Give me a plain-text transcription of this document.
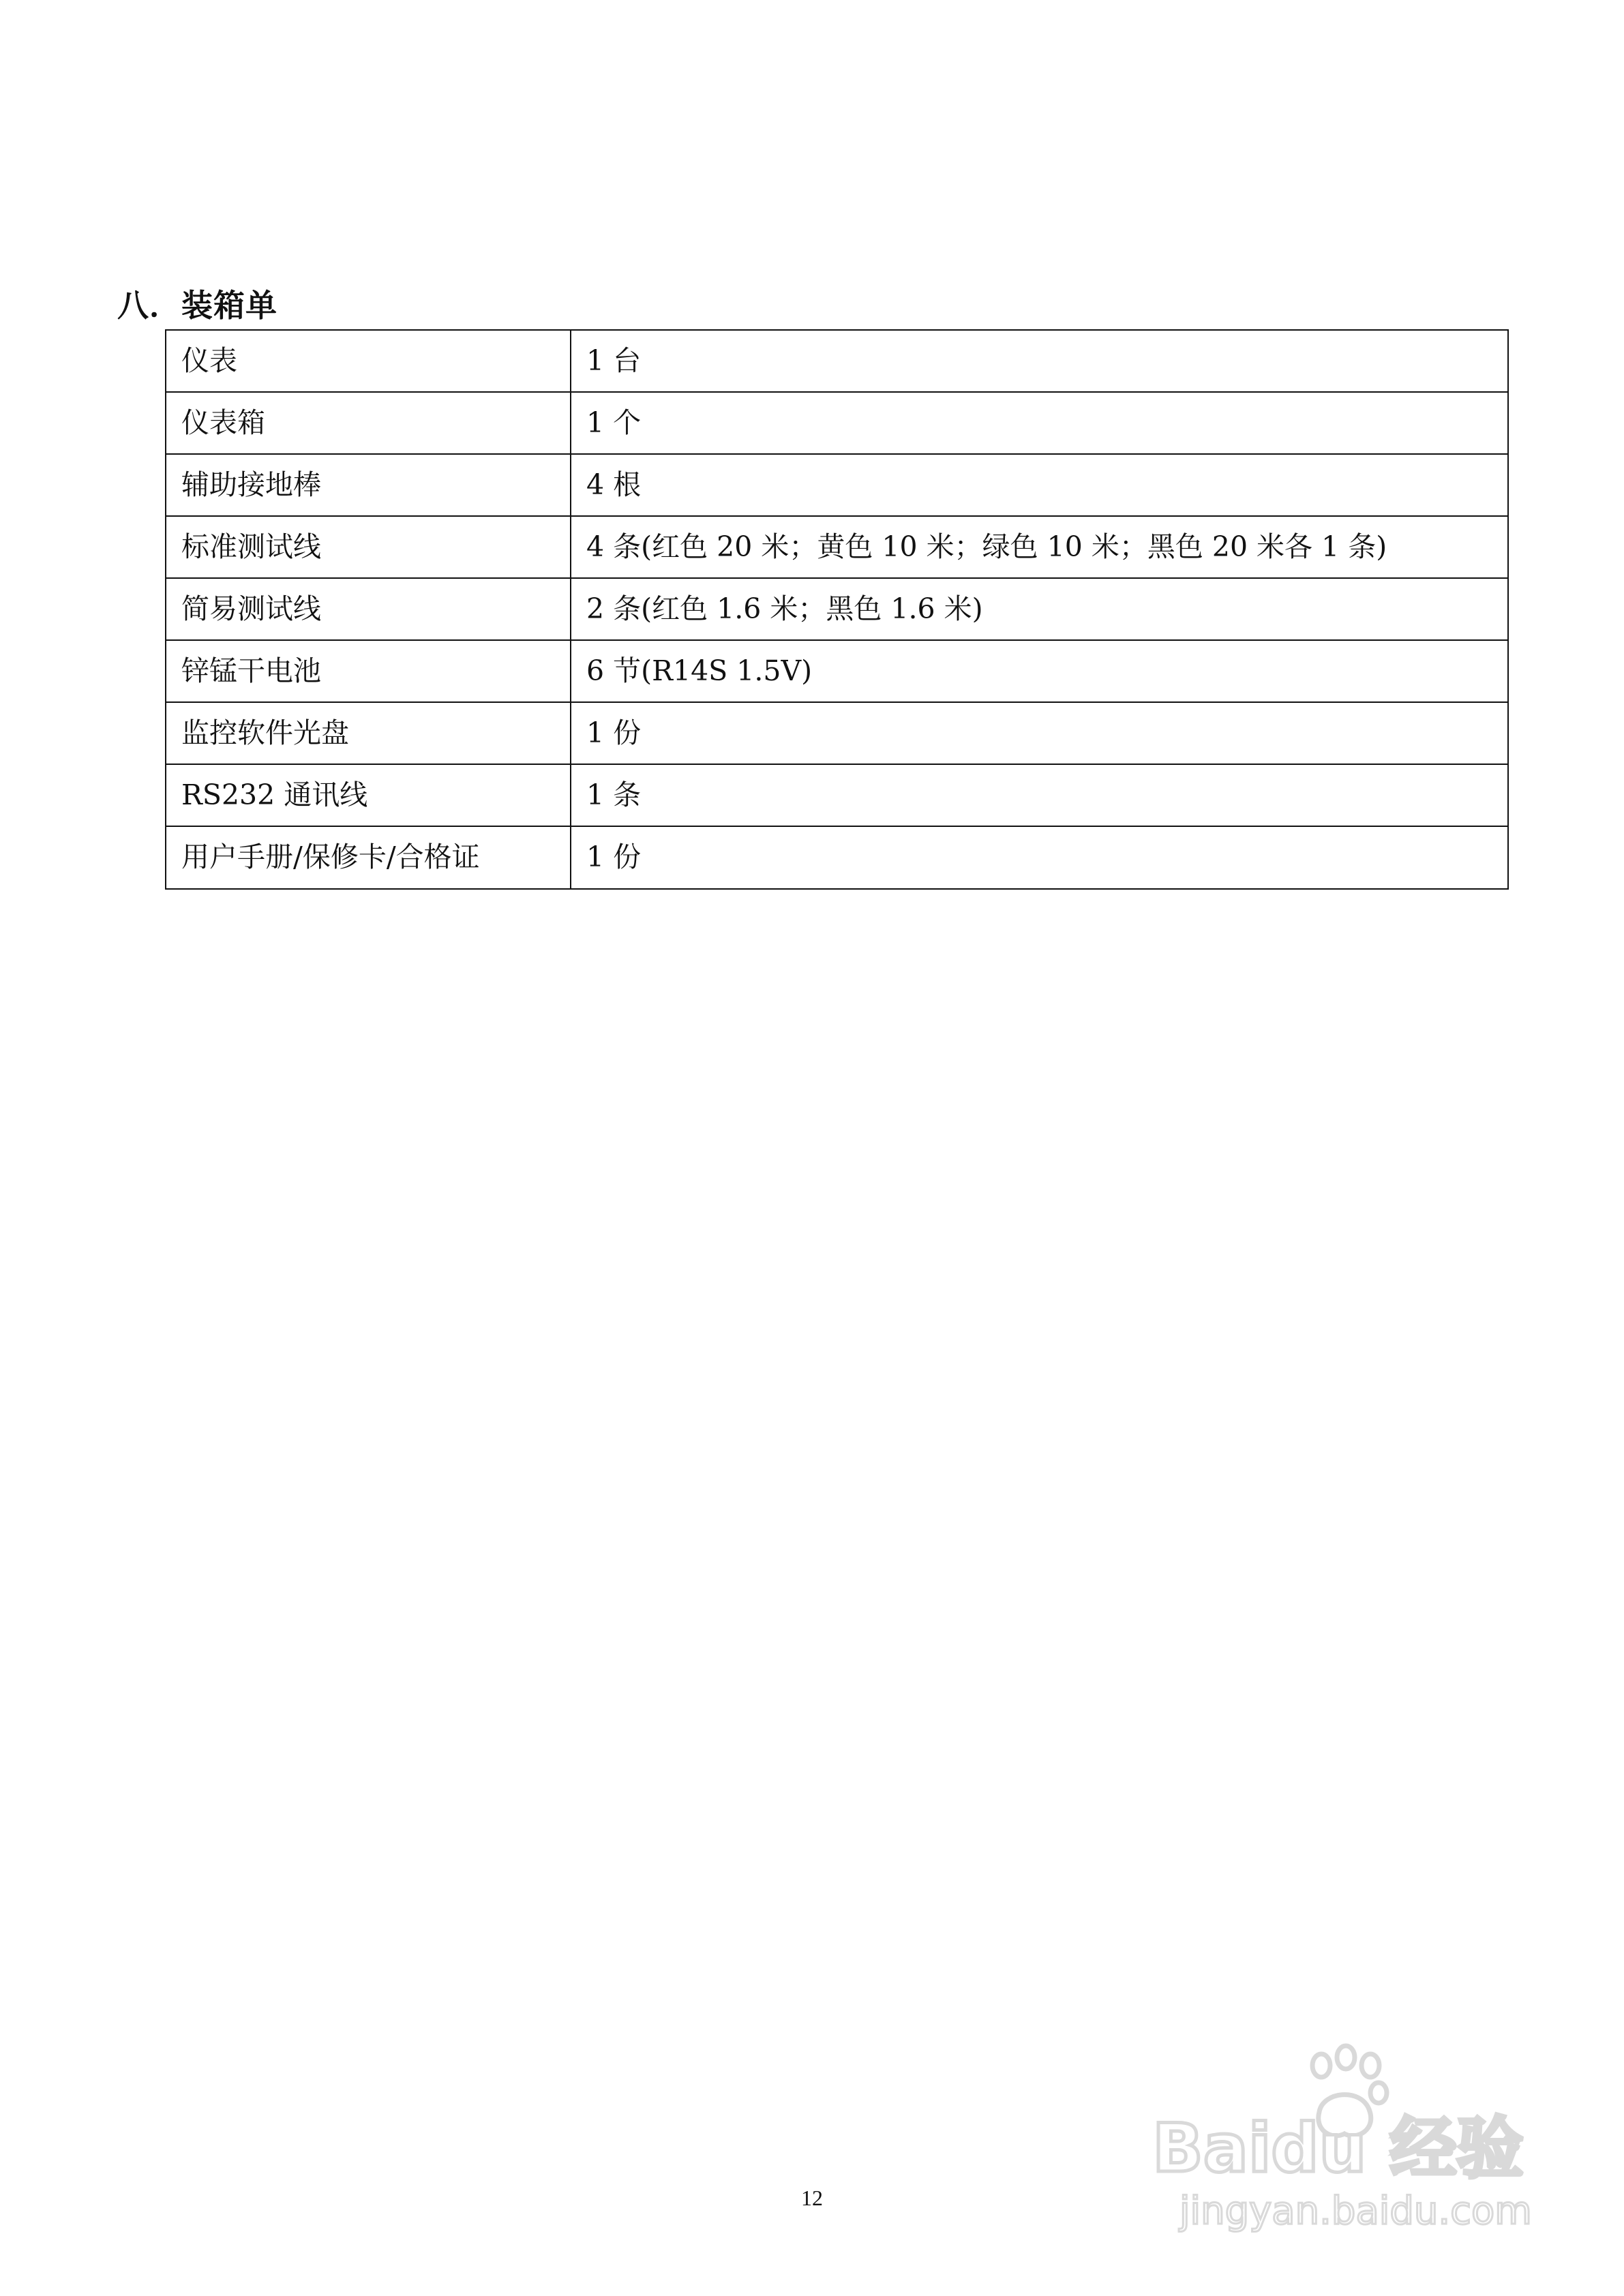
八．装箱单
仪表	1 台
仪表箱	1 个
辅助接地棒	4 根
标准测试线	4 条(红色 20 米；黄色 10 米；绿色 10 米；黑色 20 米各 1 条)
简易测试线	2 条(红色 1.6 米；黑色 1.6 米)
锌锰干电池	6 节(R14S 1.5V)
监控软件光盘	1 份
RS232 通讯线	1 条
用户手册/保修卡/合格证	1 份
12
Baidu 经验
jingyan.baidu.com
